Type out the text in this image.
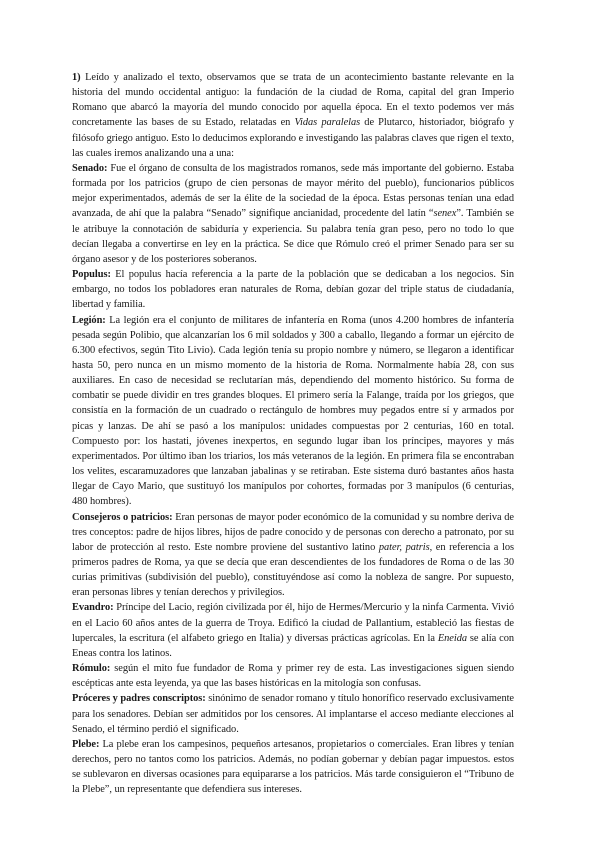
1) Leído y analizado el texto, observamos que se trata de un acontecimiento bastante relevante en la historia del mundo occidental antiguo: la fundación de la ciudad de Roma, capital del gran Imperio Romano que abarcó la mayoría del mundo conocido por aquella época. En el texto podemos ver más concretamente las bases de su Estado, relatadas en Vidas paralelas de Plutarco, historiador, biógrafo y filósofo griego antiguo. Esto lo deducimos explorando e investigando las palabras claves que rigen el texto, las cuales iremos analizando una a una:

Senado: Fue el órgano de consulta de los magistrados romanos, sede más importante del gobierno. Estaba formada por los patricios (grupo de cien personas de mayor mérito del pueblo), funcionarios públicos mejor experimentados, además de ser la élite de la sociedad de la época. Estas personas tenían una edad avanzada, de ahí que la palabra “Senado” signifique ancianidad, procedente del latín “senex”. También se le atribuye la connotación de sabiduría y experiencia. Su palabra tenía gran peso, pero no todo lo que decían llegaba a convertirse en ley en la práctica. Se dice que Rómulo creó el primer Senado para ser su órgano asesor y de los posteriores soberanos.

Populus: El populus hacía referencia a la parte de la población que se dedicaban a los negocios. Sin embargo, no todos los pobladores eran naturales de Roma, debían gozar del triple status de ciudadanía, libertad y familia.

Legión: La legión era el conjunto de militares de infantería en Roma (unos 4.200 hombres de infantería pesada según Polibio, que alcanzarían los 6 mil soldados y 300 a caballo, llegando a formar un ejército de 6.300 efectivos, según Tito Livio). Cada legión tenía su propio nombre y número, se llegaron a identificar hasta 50, pero nunca en un mismo momento de la historia de Roma. Normalmente había 28, con sus auxiliares. En caso de necesidad se reclutarían más, dependiendo del momento histórico. Su forma de combatir se puede dividir en tres grandes bloques. El primero sería la Falange, traída por los griegos, que consistía en la formación de un cuadrado o rectángulo de hombres muy pegados entre sí y armados por picas y lanzas. De ahí se pasó a los manípulos: unidades compuestas por 2 centurias, 160 en total. Compuesto por: los hastati, jóvenes inexpertos, en segundo lugar iban los príncipes, mayores y más experimentados. Por último iban los triarios, los más veteranos de la legión. En primera fila se encontraban los velites, escaramuzadores que lanzaban jabalinas y se retiraban. Este sistema duró bastantes años hasta llegar de Cayo Mario, que sustituyó los manípulos por cohortes, formadas por 3 manípulos (6 centurias, 480 hombres).

Consejeros o patricios: Eran personas de mayor poder económico de la comunidad y su nombre deriva de tres conceptos: padre de hijos libres, hijos de padre conocido y de personas con derecho a patronato, por su labor de protección al resto. Este nombre proviene del sustantivo latino pater, patris, en referencia a los primeros padres de Roma, ya que se decía que eran descendientes de los fundadores de Roma o de las 30 curias primitivas (subdivisión del pueblo), constituyéndose así como la nobleza de sangre. Por supuesto, eran personas libres y tenían derechos y privilegios.

Evandro: Príncipe del Lacio, región civilizada por él, hijo de Hermes/Mercurio y la ninfa Carmenta. Vivió en el Lacio 60 años antes de la guerra de Troya. Edificó la ciudad de Pallantium, estableció las fiestas de lupercales, la escritura (el alfabeto griego en Italia) y diversas prácticas agrícolas. En la Eneida se alía con Eneas contra los latinos.

Rómulo: según el mito fue fundador de Roma y primer rey de esta. Las investigaciones siguen siendo escépticas ante esta leyenda, ya que las bases históricas en la mitología son confusas.

Próceres y padres conscriptos: sinónimo de senador romano y título honorífico reservado exclusivamente para los senadores. Debían ser admitidos por los censores. Al implantarse el acceso mediante elecciones al Senado, el término perdió el significado.

Plebe: La plebe eran los campesinos, pequeños artesanos, propietarios o comerciales. Eran libres y tenían derechos, pero no tantos como los patricios. Además, no podían gobernar y debían pagar impuestos. estos se sublevaron en diversas ocasiones para equipararse a los patricios. Más tarde consiguieron el “Tribuno de la Plebe”, un representante que defendiera sus intereses.
